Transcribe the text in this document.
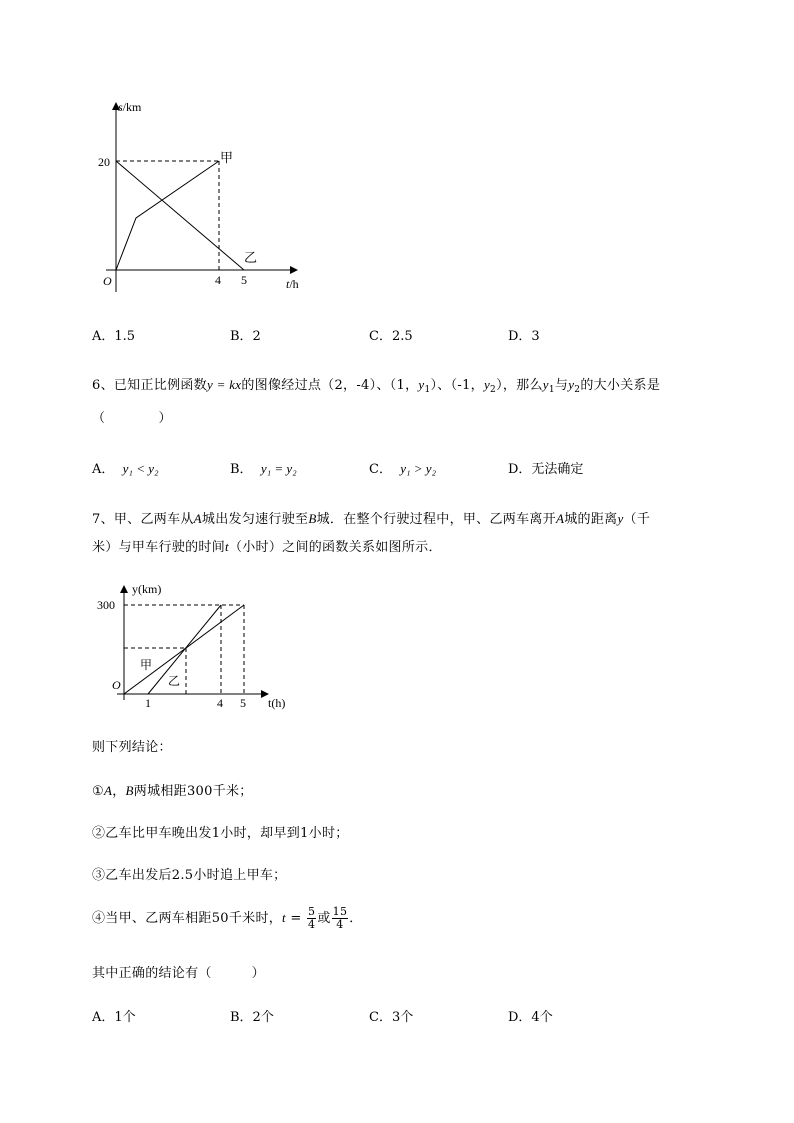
s/km
20
O	4 5	t/h
甲
乙
A．1.5	B．2	C．2.5	D．3
6、已知正比例函数y = kx的图像经过点（2，-4）、（1，$y_1$）、（-1，$y_2$），那么$y_1$与$y_2$的大小关系是
（　　　　）
A． y₁ < y₂	B． y₁ = y₂	C． y₁ > y₂	D．无法确定
7、甲、乙两车从A城出发匀速行驶至B城．在整个行驶过程中，甲、乙两车离开A城的距离y（千
米）与甲车行驶的时间t（小时）之间的函数关系如图所示．
y(km)
300
O
1	4 5 t(h)
甲
乙
则下列结论：
①A，B两城相距300千米；
②乙车比甲车晚出发1小时，却早到1小时；
③乙车出发后2.5小时追上甲车；
④当甲、乙两车相距50千米时，$t = \frac{5}{4}$ 或 $\frac{15}{4}$ ．
其中正确的结论有（　　　）
A．1个	B．2个	C．3个	D．4个
